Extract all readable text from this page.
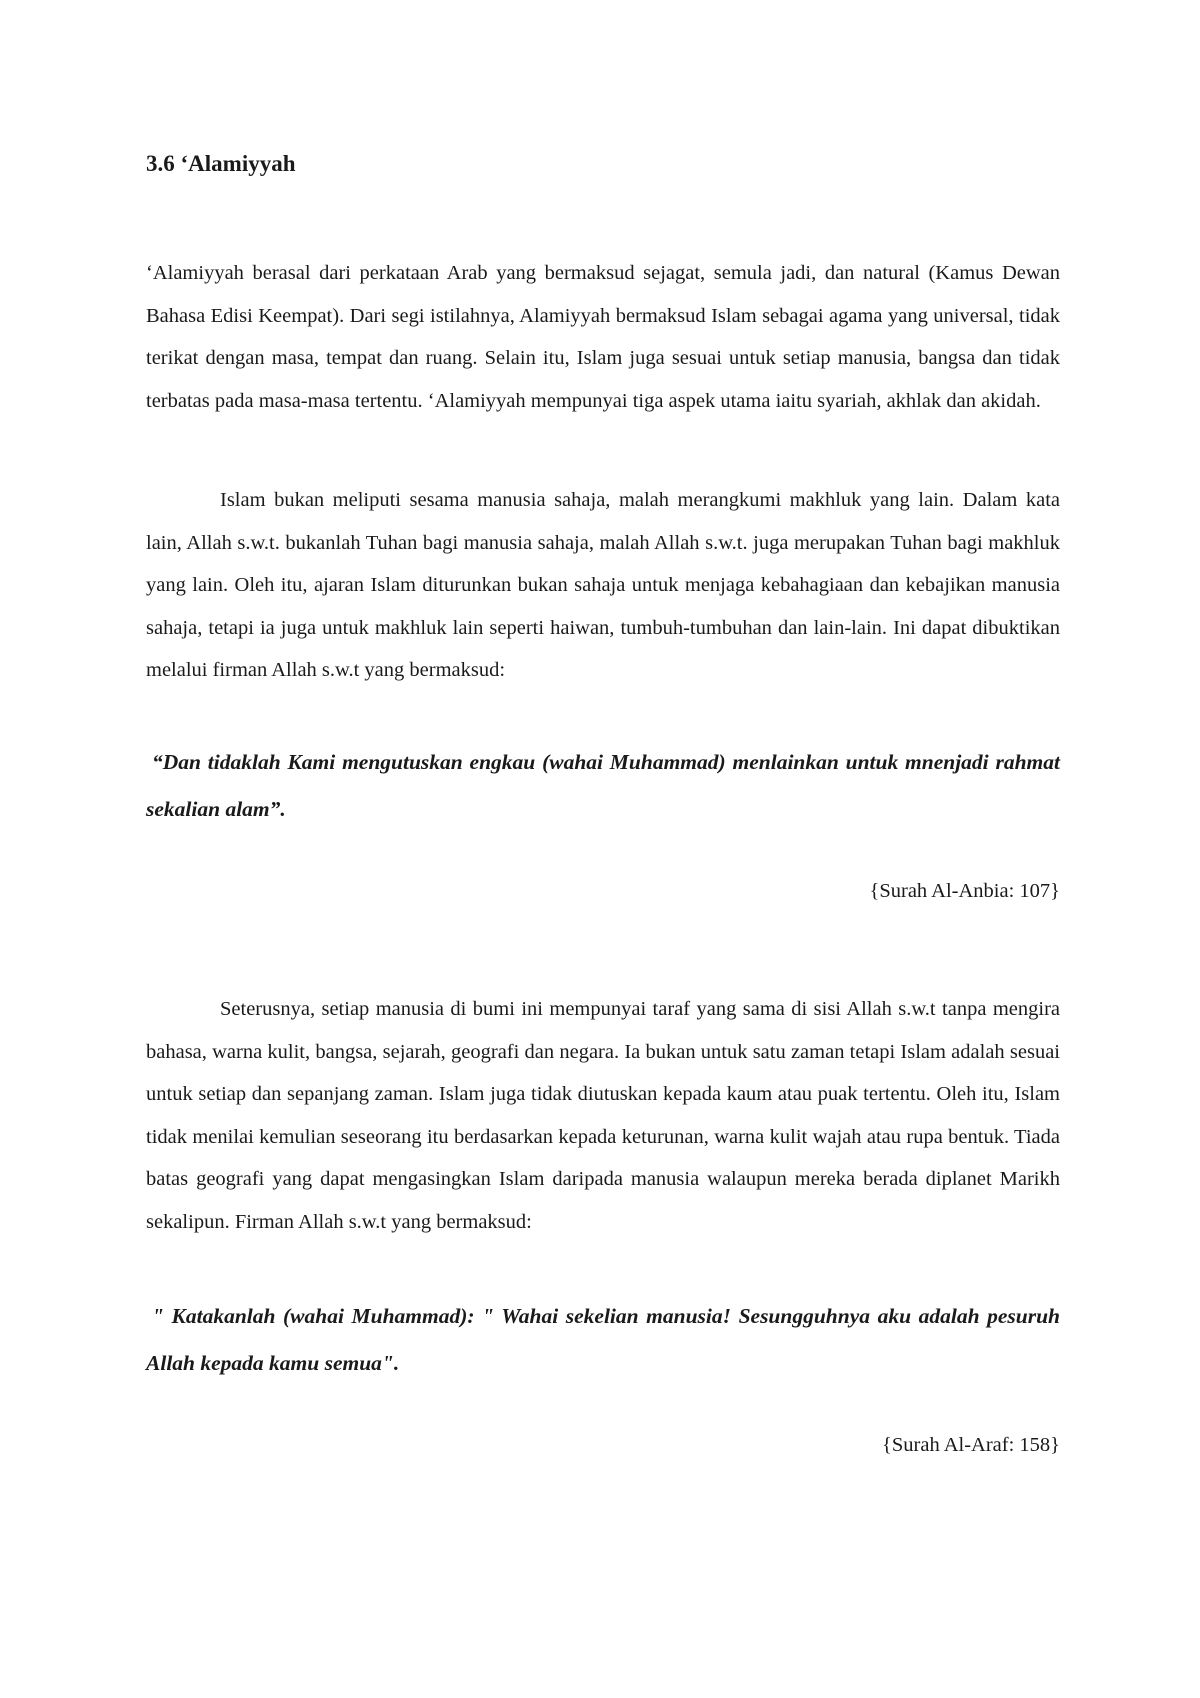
3.6 ‘Alamiyyah

‘Alamiyyah berasal dari perkataan Arab yang bermaksud sejagat, semula jadi, dan natural (Kamus Dewan Bahasa Edisi Keempat). Dari segi istilahnya, Alamiyyah bermaksud Islam sebagai agama yang universal, tidak terikat dengan masa, tempat dan ruang. Selain itu, Islam juga sesuai untuk setiap manusia, bangsa dan tidak terbatas pada masa-masa tertentu. ‘Alamiyyah mempunyai tiga aspek utama iaitu syariah, akhlak dan akidah.

Islam bukan meliputi sesama manusia sahaja, malah merangkumi makhluk yang lain. Dalam kata lain, Allah s.w.t. bukanlah Tuhan bagi manusia sahaja, malah Allah s.w.t. juga merupakan Tuhan bagi makhluk yang lain. Oleh itu, ajaran Islam diturunkan bukan sahaja untuk menjaga kebahagiaan dan kebajikan manusia sahaja, tetapi ia juga untuk makhluk lain seperti haiwan, tumbuh-tumbuhan dan lain-lain. Ini dapat dibuktikan melalui firman Allah s.w.t yang bermaksud:

“Dan tidaklah Kami mengutuskan engkau (wahai Muhammad) menlainkan untuk mnenjadi rahmat sekalian alam”.

{Surah Al-Anbia: 107}

Seterusnya, setiap manusia di bumi ini mempunyai taraf yang sama di sisi Allah s.w.t tanpa mengira bahasa, warna kulit, bangsa, sejarah, geografi dan negara. Ia bukan untuk satu zaman tetapi Islam adalah sesuai untuk setiap dan sepanjang zaman. Islam juga tidak diutuskan kepada kaum atau puak tertentu. Oleh itu, Islam tidak menilai kemulian seseorang itu berdasarkan kepada keturunan, warna kulit wajah atau rupa bentuk. Tiada batas geografi yang dapat mengasingkan Islam daripada manusia walaupun mereka berada diplanet Marikh sekalipun. Firman Allah s.w.t yang bermaksud:

" Katakanlah (wahai Muhammad): " Wahai sekelian manusia! Sesungguhnya aku adalah pesuruh Allah kepada kamu semua".

{Surah Al-Araf: 158}
